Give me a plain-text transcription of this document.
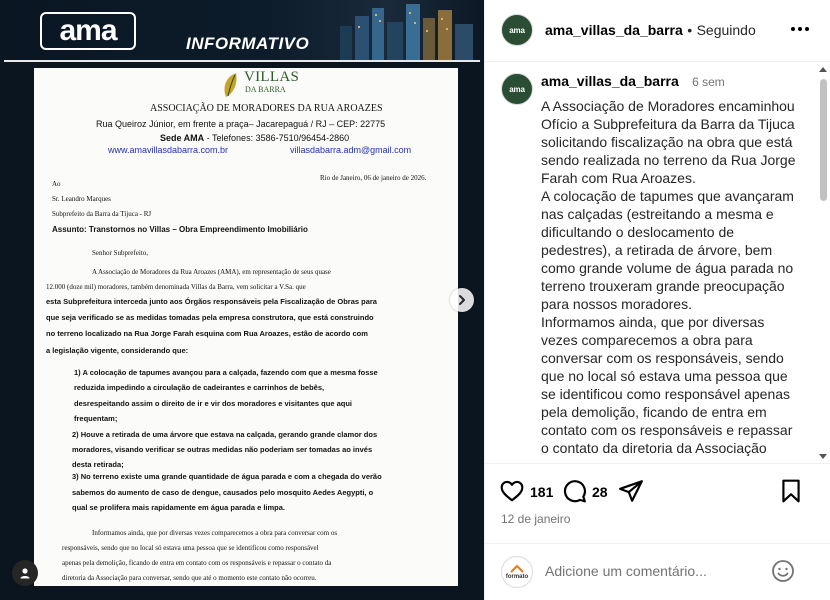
ama	INFORMATIVO
VILLAS
DA BARRA
ASSOCIAÇÃO DE MORADORES DA RUA AROAZES
Rua Queiroz Júnior, em frente a praça– Jacarepaguá / RJ – CEP: 22775
Sede AMA - Telefones: 3586-7510/96454-2860
www.amavillasdabarra.com.br	villasdabarra.adm@gmail.com
Rio de Janeiro, 06 de janeiro de 2026.
Ao
Sr. Leandro Marques
Subprefeito da Barra da Tijuca - RJ
Assunto: Transtornos no Villas – Obra Empreendimento Imobiliário
Senhor Subprefeito,
A Associação de Moradores da Rua Aroazes (AMA), em representação de seus quase
12.000 (doze mil) moradores, também denominada Villas da Barra, vem solicitar a V.Sa. que
esta Subprefeitura interceda junto aos Órgãos responsáveis pela Fiscalização de Obras para
que seja verificado se as medidas tomadas pela empresa construtora, que está construindo
no terreno localizado na Rua Jorge Farah esquina com Rua Aroazes, estão de acordo com
a legislação vigente, considerando que:
1) A colocação de tapumes avançou para a calçada, fazendo com que a mesma fosse
reduzida impedindo a circulação de cadeirantes e carrinhos de bebês,
desrespeitando assim o direito de ir e vir dos moradores e visitantes que aqui
frequentam;
2) Houve a retirada de uma árvore que estava na calçada, gerando grande clamor dos
moradores, visando verificar se outras medidas não poderiam ser tomadas ao invés
desta retirada;
3) No terreno existe uma grande quantidade de água parada e com a chegada do verão
sabemos do aumento de caso de dengue, causados pelo mosquito Aedes Aegypti, o
qual se prolifera mais rapidamente em água parada e limpa.
Informamos ainda, que por diversas vezes comparecemos a obra para conversar com os
responsáveis, sendo que no local só estava uma pessoa que se identificou como responsável
apenas pela demolição, ficando de entra em contato com os responsáveis e repassar o contato da
diretoria da Associação para conversar, sendo que até o momento este contato não ocorreu.
ama ama_villas_da_barra • Seguindo
ama ama_villas_da_barra 6 sem
A Associação de Moradores encaminhou Ofício a Subprefeitura da Barra da Tijuca solicitando fiscalização na obra que está sendo realizada no terreno da Rua Jorge Farah com Rua Aroazes.
A colocação de tapumes que avançaram nas calçadas (estreitando a mesma e dificultando o deslocamento de pedestres), a retirada de árvore, bem como grande volume de água parada no terreno trouxeram grande preocupação para nossos moradores.
Informamos ainda, que por diversas vezes comparecemos a obra para conversar com os responsáveis, sendo que no local só estava uma pessoa que se identificou como responsável apenas pela demolição, ficando de entra em contato com os responsáveis e repassar o contato da diretoria da Associação
181	28
12 de janeiro
formato
Adicione um comentário...
